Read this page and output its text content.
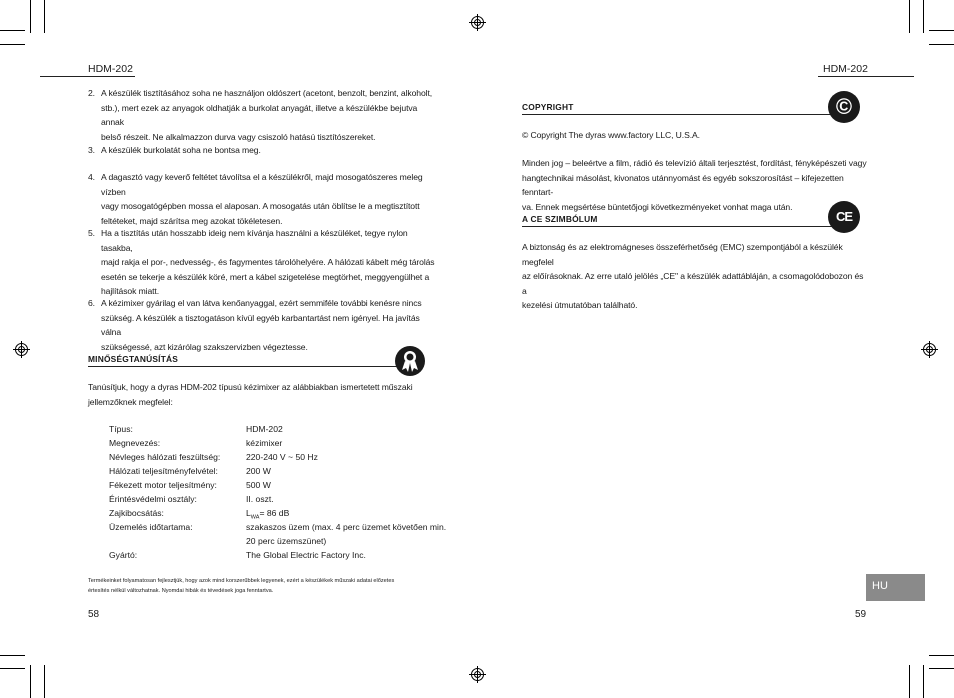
HDM-202
2. A készülék tisztításához soha ne használjon oldószert (acetont, benzolt, benzint, alkoholt,
stb.), mert ezek az anyagok oldhatják a burkolat anyagát, illetve a készülékbe bejutva annak
belső részeit. Ne alkalmazzon durva vagy csiszoló hatású tisztítószereket.
3. A készülék burkolatát soha ne bontsa meg.
4. A dagasztó vagy keverő feltétet távolítsa el a készülékről, majd mosogatószeres meleg vízben
vagy mosogatógépben mossa el alaposan. A mosogatás után öblítse le a megtisztított
feltéteket, majd szárítsa meg azokat tökéletesen.
5. Ha a tisztítás után hosszabb ideig nem kívánja használni a készüléket, tegye nylon tasakba,
majd rakja el por-, nedvesség-, és fagymentes tárolóhelyére. A hálózati kábelt még tárolás
esetén se tekerje a készülék köré, mert a kábel szigetelése megtörhet, meggyengülhet a
hajlítások miatt.
6. A kézimixer gyárilag el van látva kenőanyaggal, ezért semmiféle további kenésre nincs
szükség. A készülék a tisztogatáson kívül egyéb karbantartást nem igényel. Ha javítás válna
szükségessé, azt kizárólag szakszervizben végeztesse.
MINŐSÉGTANÚSÍTÁS
Tanúsítjuk, hogy a dyras HDM-202 típusú kézimixer az alábbiakban ismertetett műszaki
jellemzőknek megfelel:
Típus:	HDM-202
Megnevezés:	kézimixer
Névleges hálózati feszültség:	220-240 V ~ 50 Hz
Hálózati teljesítményfelvétel:	200 W
Fékezett motor teljesítmény:	500 W
Érintésvédelmi osztály:	II. oszt.
Zajkibocsátás:	$L_{WA}= 86$ dB
Üzemelés időtartama:	szakaszos üzem (max. 4 perc üzemet követően min.
20 perc üzemszünet)
Gyártó:	The Global Electric Factory Inc.
Termékeinket folyamatosan fejlesztjük, hogy azok mind korszerűbbek legyenek, ezért a készülékek műszaki adatai előzetes
értesítés nélkül változhatnak. Nyomdai hibák és tévedések joga fenntartva.
58
HDM-202
COPYRIGHT	©
© Copyright The dyras www.factory LLC, U.S.A.
Minden jog – beleértve a film, rádió és televízió általi terjesztést, fordítást, fényképészeti vagy
hangtechnikai másolást, kivonatos utánnyomást és egyéb sokszorosítást – kifejezetten fenntart-
va. Ennek megsértése büntetőjogi következményeket vonhat maga után.
A CE SZIMBÓLUM	CE
A biztonság és az elektromágneses összeférhetőség (EMC) szempontjából a készülék megfelel
az előírásoknak. Az erre utaló jelölés „CE" a készülék adattábláján, a csomagolódobozon és a
kezelési útmutatóban található.
HU
59
